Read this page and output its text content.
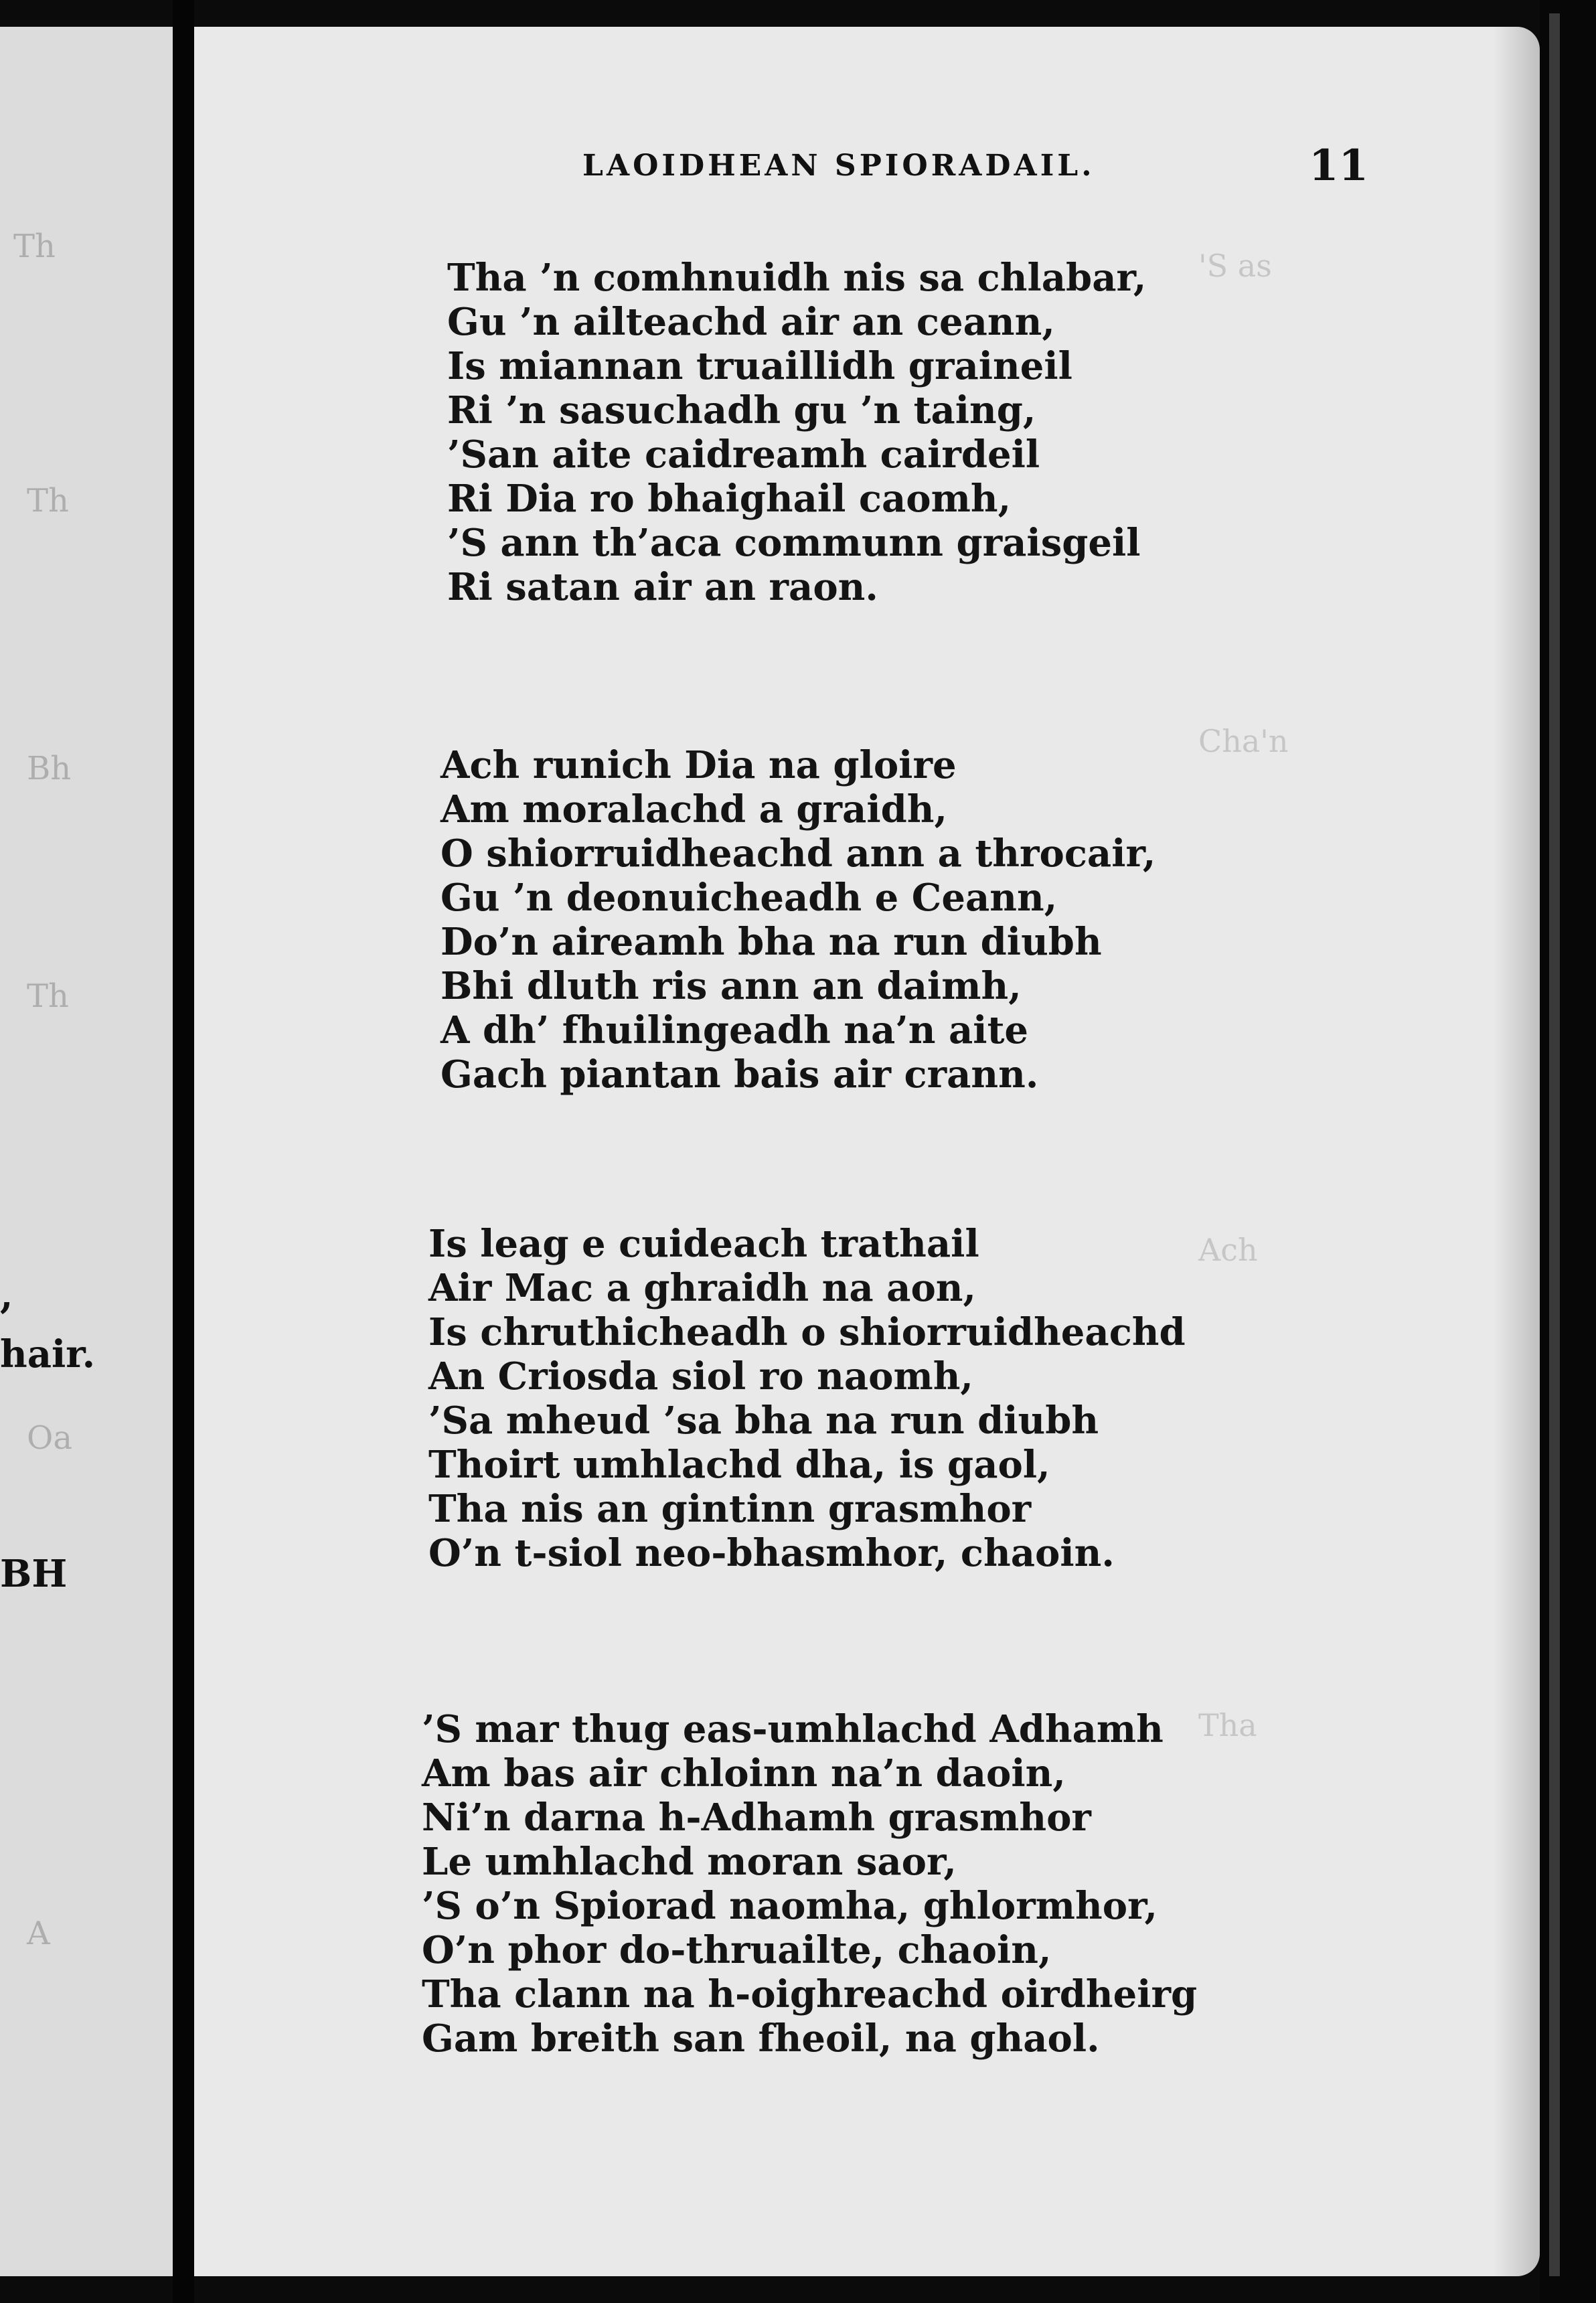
Th
Th
Bh
Th
Oa
A
,
hair.
BH
'S as
Cha'n
Ach
Tha
LAOIDHEAN SPIORADAIL.	11
Tha ’n comhnuidh nis sa chlabar,
Gu ’n ailteachd air an ceann,
Is miannan truaillidh graineil
Ri ’n sasuchadh gu ’n taing,
’San aite caidreamh cairdeil
Ri Dia ro bhaighail caomh,
’S ann th’aca communn graisgeil
Ri satan air an raon.
Ach runich Dia na gloire
Am moralachd a graidh,
O shiorruidheachd ann a throcair,
Gu ’n deonuicheadh e Ceann,
Do’n aireamh bha na run diubh
Bhi dluth ris ann an daimh,
A dh’ fhuilingeadh na’n aite
Gach piantan bais air crann.
Is leag e cuideach trathail
Air Mac a ghraidh na aon,
Is chruthicheadh o shiorruidheachd
An Criosda siol ro naomh,
’Sa mheud ’sa bha na run diubh
Thoirt umhlachd dha, is gaol,
Tha nis an gintinn grasmhor
O’n t-siol neo-bhasmhor, chaoin.
’S mar thug eas-umhlachd Adhamh
Am bas air chloinn na’n daoin,
Ni’n darna h-Adhamh grasmhor
Le umhlachd moran saor,
’S o’n Spiorad naomha, ghlormhor,
O’n phor do-thruailte, chaoin,
Tha clann na h-oighreachd oirdheirg
Gam breith san fheoil, na ghaol.
